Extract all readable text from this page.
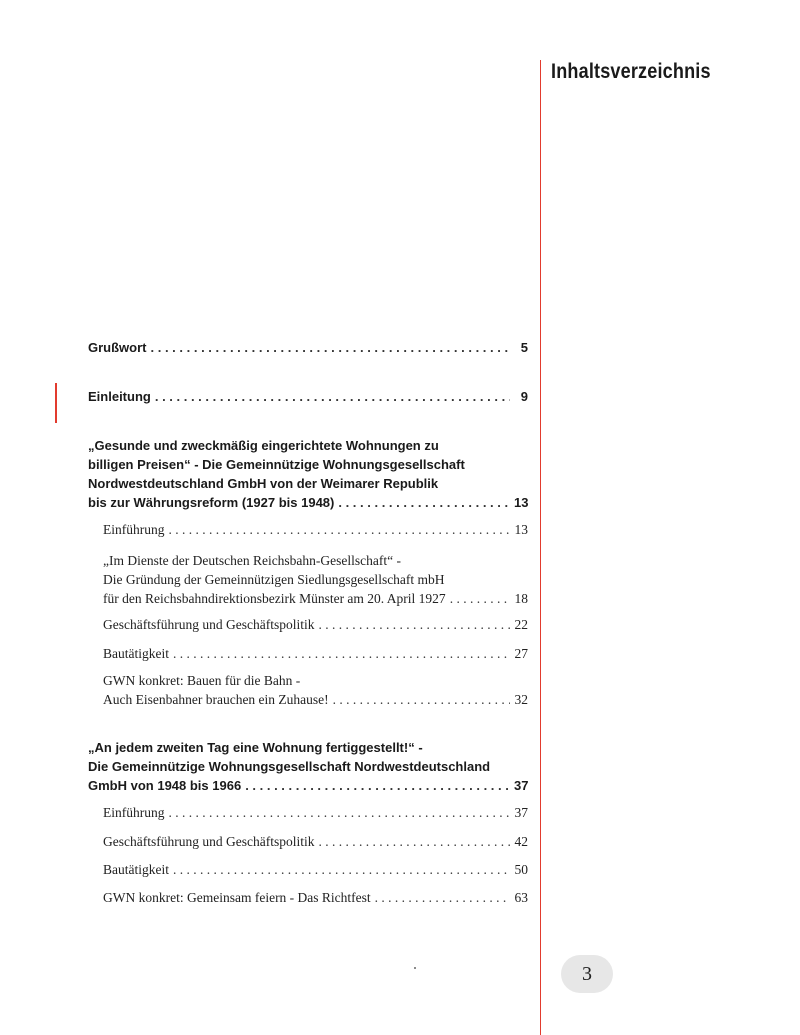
Inhaltsverzeichnis
Grußwort . . .	5
Einleitung . . .	9
„Gesunde und zweckmäßig eingerichtete Wohnungen zu
billigen Preisen“ - Die Gemeinnützige Wohnungsgesellschaft
Nordwestdeutschland GmbH von der Weimarer Republik
bis zur Währungsreform (1927 bis 1948) . . .	13
Einführung . . .	13
„Im Dienste der Deutschen Reichsbahn-Gesellschaft“ -
Die Gründung der Gemeinnützigen Siedlungsgesellschaft mbH
für den Reichsbahndirektionsbezirk Münster am 20. April 1927 . . .	18
Geschäftsführung und Geschäftspolitik . . .	22
Bautätigkeit . . .	27
GWN konkret: Bauen für die Bahn -
Auch Eisenbahner brauchen ein Zuhause! . . .	32
„An jedem zweiten Tag eine Wohnung fertiggestellt!“ -
Die Gemeinnützige Wohnungsgesellschaft Nordwestdeutschland
GmbH von 1948 bis 1966 . . .	37
Einführung . . .	37
Geschäftsführung und Geschäftspolitik . . .	42
Bautätigkeit . . .	50
GWN konkret: Gemeinsam feiern - Das Richtfest . . .	63
3
